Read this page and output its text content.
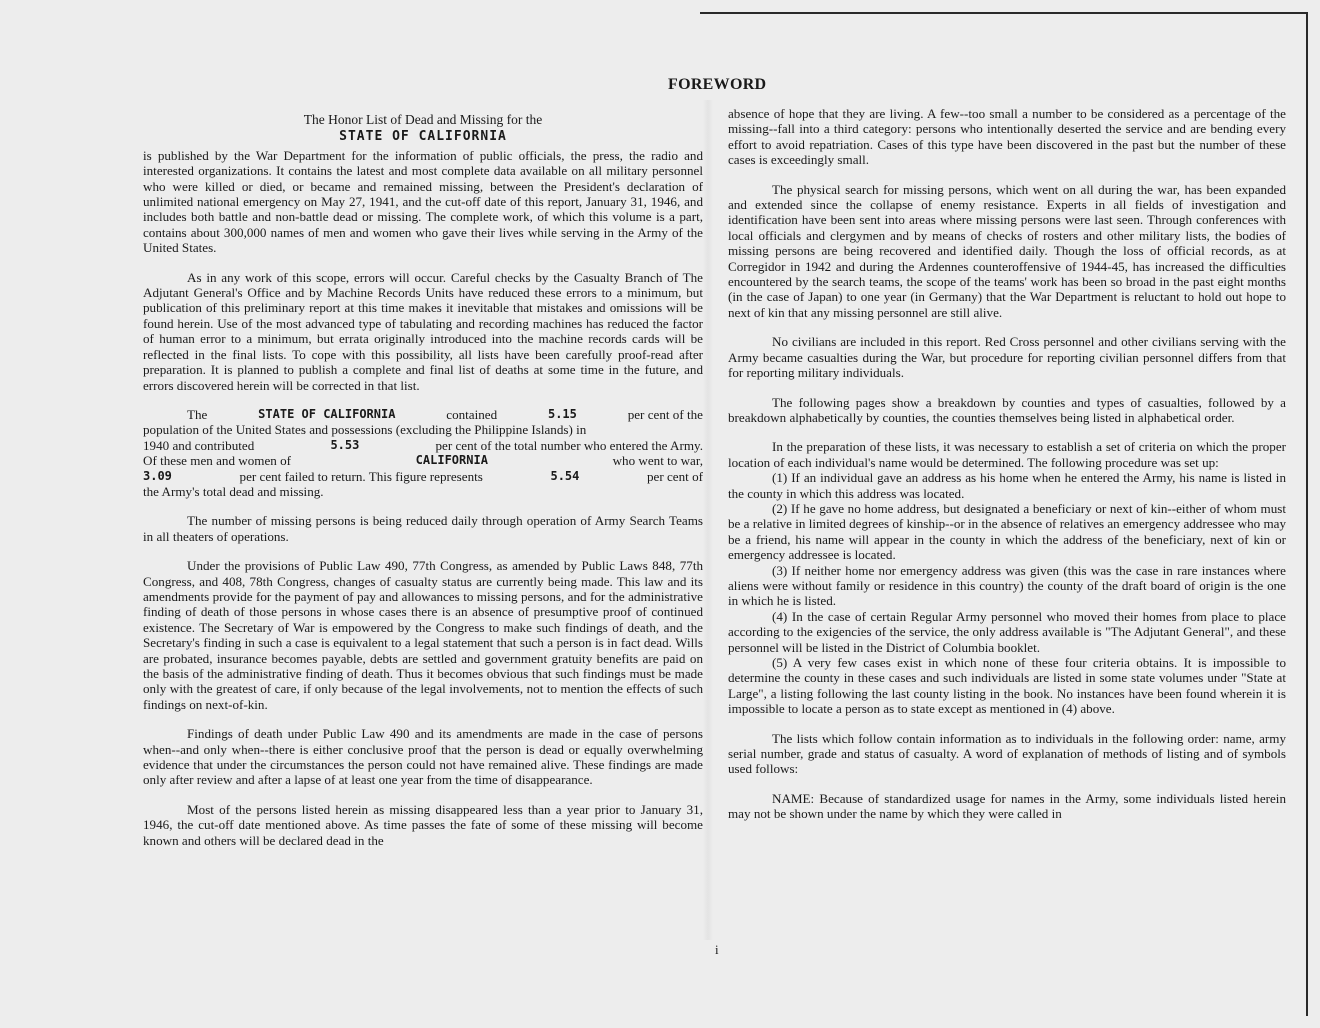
FOREWORD
The Honor List of Dead and Missing for the
STATE OF CALIFORNIA

is published by the War Department for the information of public officials, the press, the radio and interested organizations. It contains the latest and most complete data available on all military personnel who were killed or died, or became and remained missing, between the President's declaration of unlimited national emergency on May 27, 1941, and the cut-off date of this report, January 31, 1946, and includes both battle and non-battle dead or missing. The complete work, of which this volume is a part, contains about 300,000 names of men and women who gave their lives while serving in the Army of the United States.

As in any work of this scope, errors will occur. Careful checks by the Casualty Branch of The Adjutant General's Office and by Machine Records Units have reduced these errors to a minimum, but publication of this preliminary report at this time makes it inevitable that mistakes and omissions will be found herein. Use of the most advanced type of tabulating and recording machines has reduced the factor of human error to a minimum, but errata originally introduced into the machine records cards will be reflected in the final lists. To cope with this possibility, all lists have been carefully proof-read after preparation. It is planned to publish a complete and final list of deaths at some time in the future, and errors discovered herein will be corrected in that list.

The	STATE OF CALIFORNIA	contained	5.15	per cent of the
population of the United States and possessions (excluding the Philippine Islands) in
1940 and contributed	5.53	per cent of the total number who entered the Army.
Of these men and women of	CALIFORNIA	who went to war,
3.09	per cent failed to return. This figure represents	5.54	per cent of
the Army's total dead and missing.

The number of missing persons is being reduced daily through operation of Army Search Teams in all theaters of operations.

Under the provisions of Public Law 490, 77th Congress, as amended by Public Laws 848, 77th Congress, and 408, 78th Congress, changes of casualty status are currently being made. This law and its amendments provide for the payment of pay and allowances to missing persons, and for the administrative finding of death of those persons in whose cases there is an absence of presumptive proof of continued existence. The Secretary of War is empowered by the Congress to make such findings of death, and the Secretary's finding in such a case is equivalent to a legal statement that such a person is in fact dead. Wills are probated, insurance becomes payable, debts are settled and government gratuity benefits are paid on the basis of the administrative finding of death. Thus it becomes obvious that such findings must be made only with the greatest of care, if only because of the legal involvements, not to mention the effects of such findings on next-of-kin.

Findings of death under Public Law 490 and its amendments are made in the case of persons when--and only when--there is either conclusive proof that the person is dead or equally overwhelming evidence that under the circumstances the person could not have remained alive. These findings are made only after review and after a lapse of at least one year from the time of disappearance.

Most of the persons listed herein as missing disappeared less than a year prior to January 31, 1946, the cut-off date mentioned above. As time passes the fate of some of these missing will become known and others will be declared dead in the

absence of hope that they are living. A few--too small a number to be considered as a percentage of the missing--fall into a third category: persons who intentionally deserted the service and are bending every effort to avoid repatriation. Cases of this type have been discovered in the past but the number of these cases is exceedingly small.

The physical search for missing persons, which went on all during the war, has been expanded and extended since the collapse of enemy resistance. Experts in all fields of investigation and identification have been sent into areas where missing persons were last seen. Through conferences with local officials and clergymen and by means of checks of rosters and other military lists, the bodies of missing persons are being recovered and identified daily. Though the loss of official records, as at Corregidor in 1942 and during the Ardennes counteroffensive of 1944-45, has increased the difficulties encountered by the search teams, the scope of the teams' work has been so broad in the past eight months (in the case of Japan) to one year (in Germany) that the War Department is reluctant to hold out hope to next of kin that any missing personnel are still alive.

No civilians are included in this report. Red Cross personnel and other civilians serving with the Army became casualties during the War, but procedure for reporting civilian personnel differs from that for reporting military individuals.

The following pages show a breakdown by counties and types of casualties, followed by a breakdown alphabetically by counties, the counties themselves being listed in alphabetical order.

In the preparation of these lists, it was necessary to establish a set of criteria on which the proper location of each individual's name would be determined. The following procedure was set up:

(1) If an individual gave an address as his home when he entered the Army, his name is listed in the county in which this address was located.

(2) If he gave no home address, but designated a beneficiary or next of kin--either of whom must be a relative in limited degrees of kinship--or in the absence of relatives an emergency addressee who may be a friend, his name will appear in the county in which the address of the beneficiary, next of kin or emergency addressee is located.

(3) If neither home nor emergency address was given (this was the case in rare instances where aliens were without family or residence in this country) the county of the draft board of origin is the one in which he is listed.

(4) In the case of certain Regular Army personnel who moved their homes from place to place according to the exigencies of the service, the only address available is "The Adjutant General", and these personnel will be listed in the District of Columbia booklet.

(5) A very few cases exist in which none of these four criteria obtains. It is impossible to determine the county in these cases and such individuals are listed in some state volumes under "State at Large", a listing following the last county listing in the book. No instances have been found wherein it is impossible to locate a person as to state except as mentioned in (4) above.

The lists which follow contain information as to individuals in the following order: name, army serial number, grade and status of casualty. A word of explanation of methods of listing and of symbols used follows:

NAME: Because of standardized usage for names in the Army, some individuals listed herein may not be shown under the name by which they were called in

i
